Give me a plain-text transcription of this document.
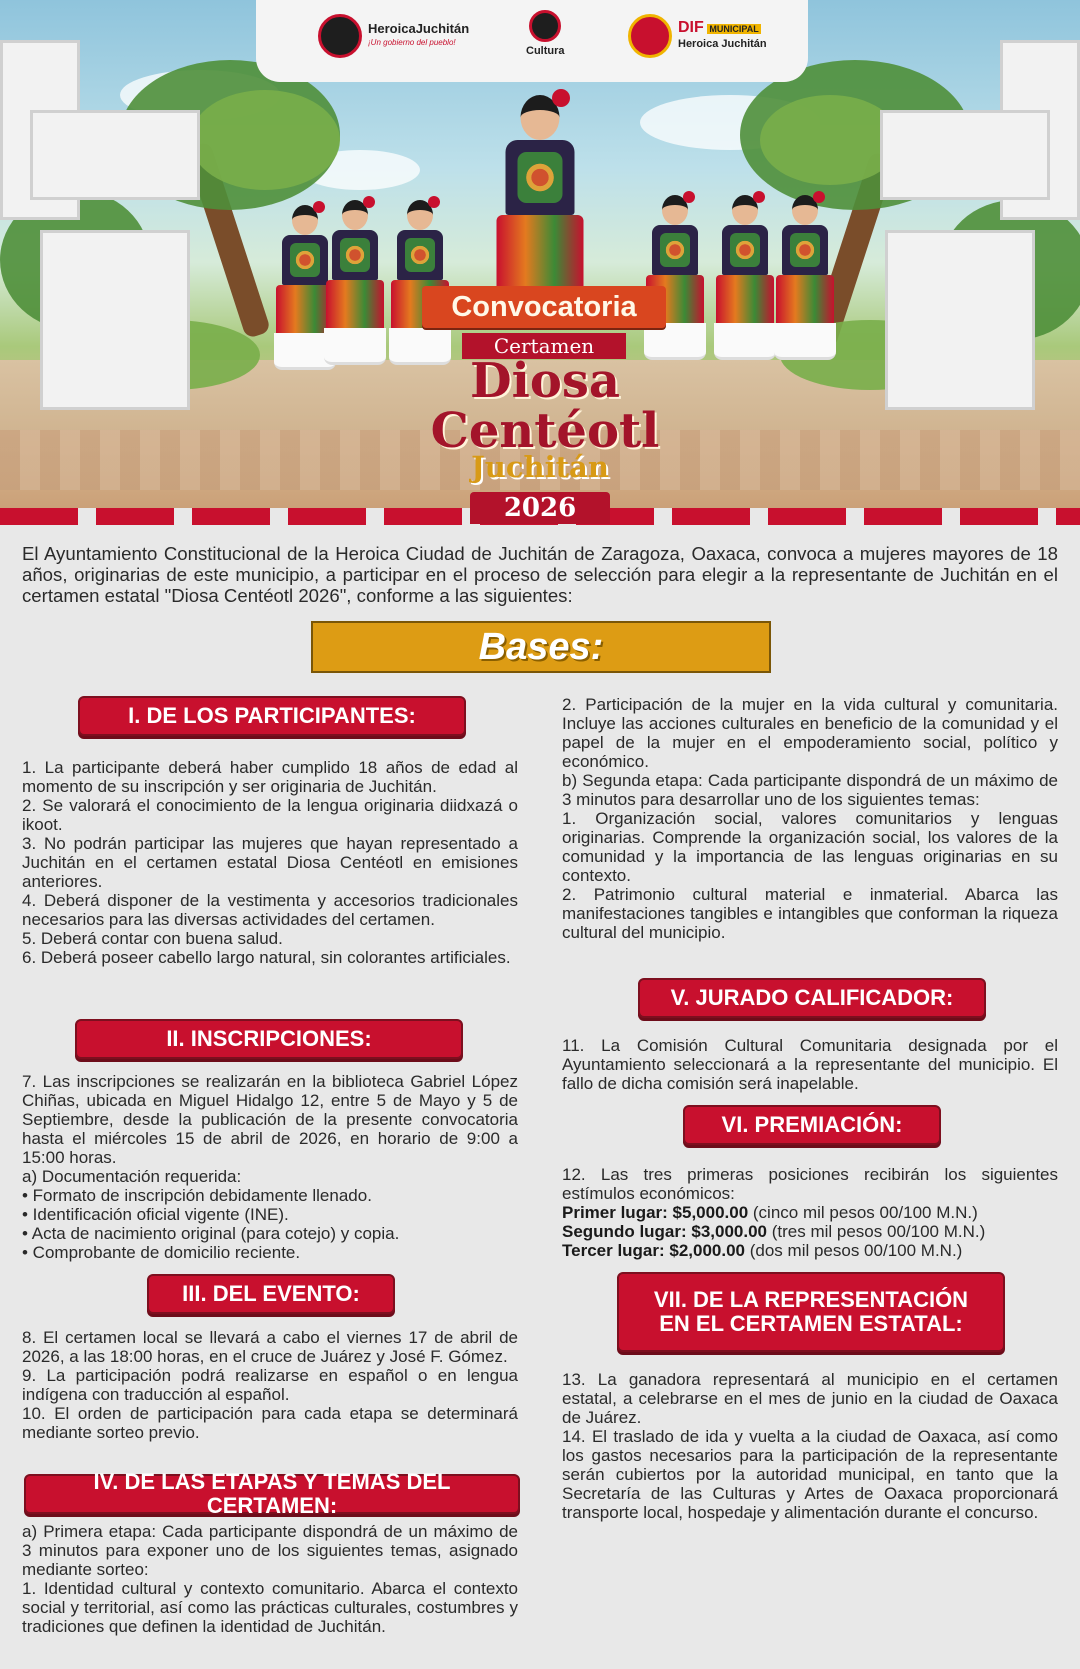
HeroicaJuchitán
¡Un gobierno del pueblo!
Cultura
DIF MUNICIPAL
Heroica Juchitán
Convocatoria
Certamen
Diosa
Centéotl
Juchitán
2026
El Ayuntamiento Constitucional de la Heroica Ciudad de Juchitán de Zaragoza, Oaxaca, convoca a mujeres mayores de 18 años, originarias de este municipio, a participar en el proceso de selección para elegir a la representante de Juchitán en el certamen estatal "Diosa Centéotl 2026", conforme a las siguientes:
Bases:
I. DE LOS PARTICIPANTES:

1. La participante deberá haber cumplido 18 años de edad al momento de su inscripción y ser originaria de Juchitán.

2. Se valorará el conocimiento de la lengua originaria diidxazá o ikoot.

3. No podrán participar las mujeres que hayan representado a Juchitán en el certamen estatal Diosa Centéotl en emisiones anteriores.

4. Deberá disponer de la vestimenta y accesorios tradicionales necesarios para las diversas actividades del certamen.

5. Deberá contar con buena salud.

6. Deberá poseer cabello largo natural, sin colorantes artificiales.

II. INSCRIPCIONES:

7. Las inscripciones se realizarán en la biblioteca Gabriel López Chiñas, ubicada en Miguel Hidalgo 12, entre 5 de Mayo y 5 de Septiembre, desde la publicación de la presente convocatoria hasta el miércoles 15 de abril de 2026, en horario de 9:00 a 15:00 horas.

a) Documentación requerida:

• Formato de inscripción debidamente llenado.

• Identificación oficial vigente (INE).

• Acta de nacimiento original (para cotejo) y copia.

• Comprobante de domicilio reciente.

III. DEL EVENTO:

8. El certamen local se llevará a cabo el viernes 17 de abril de 2026, a las 18:00 horas, en el cruce de Juárez y José F. Gómez.

9. La participación podrá realizarse en español o en lengua indígena con traducción al español.

10. El orden de participación para cada etapa se determinará mediante sorteo previo.

IV. DE LAS ETAPAS Y TEMAS DEL CERTAMEN:

a) Primera etapa: Cada participante dispondrá de un máximo de 3 minutos para exponer uno de los siguientes temas, asignado mediante sorteo:

1. Identidad cultural y contexto comunitario. Abarca el contexto social y territorial, así como las prácticas culturales, costumbres y tradiciones que definen la identidad de Juchitán.

2. Participación de la mujer en la vida cultural y comunitaria. Incluye las acciones culturales en beneficio de la comunidad y el papel de la mujer en el empoderamiento social, político y económico.

b) Segunda etapa: Cada participante dispondrá de un máximo de 3 minutos para desarrollar uno de los siguientes temas:

1. Organización social, valores comunitarios y lenguas originarias. Comprende la organización social, los valores de la comunidad y la importancia de las lenguas originarias en su contexto.

2. Patrimonio cultural material e inmaterial. Abarca las manifestaciones tangibles e intangibles que conforman la riqueza cultural del municipio.

V. JURADO CALIFICADOR:

11. La Comisión Cultural Comunitaria designada por el Ayuntamiento seleccionará a la representante del municipio. El fallo de dicha comisión será inapelable.

VI. PREMIACIÓN:

12. Las tres primeras posiciones recibirán los siguientes estímulos económicos:

Primer lugar: $5,000.00 (cinco mil pesos 00/100 M.N.)

Segundo lugar: $3,000.00 (tres mil pesos 00/100 M.N.)

Tercer lugar: $2,000.00 (dos mil pesos 00/100 M.N.)

VII. DE LA REPRESENTACIÓN
EN EL CERTAMEN ESTATAL:

13. La ganadora representará al municipio en el certamen estatal, a celebrarse en el mes de junio en la ciudad de Oaxaca de Juárez.

14. El traslado de ida y vuelta a la ciudad de Oaxaca, así como los gastos necesarios para la participación de la representante serán cubiertos por la autoridad municipal, en tanto que la Secretaría de las Culturas y Artes de Oaxaca proporcionará transporte local, hospedaje y alimentación durante el concurso.
